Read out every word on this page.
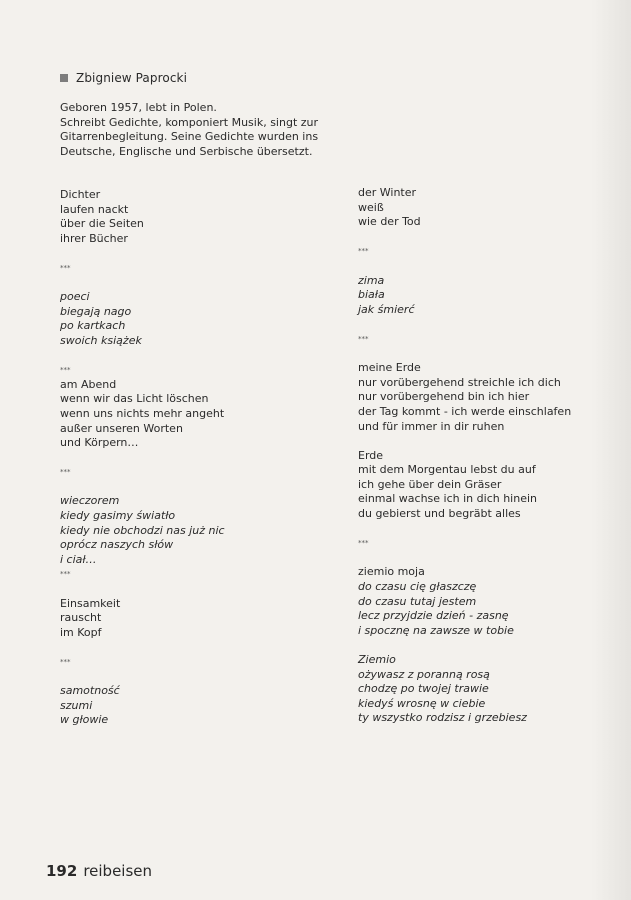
Zbigniew Paprocki
Geboren 1957, lebt in Polen.
Schreibt Gedichte, komponiert Musik, singt zur
Gitarrenbegleitung. Seine Gedichte wurden ins
Deutsche, Englische und Serbische übersetzt.
Dichter
laufen nackt
über die Seiten
ihrer Bücher
***
poeci
biegają nago
po kartkach
swoich książek
***
am Abend
wenn wir das Licht löschen
wenn uns nichts mehr angeht
außer unseren Worten
und Körpern…
***
wieczorem
kiedy gasimy światło
kiedy nie obchodzi nas już nic
oprócz naszych słów
i ciał…
***
Einsamkeit
rauscht
im Kopf
***
samotność
szumi
w głowie
der Winter
weiß
wie der Tod
***
zima
biała
jak śmierć
***
meine Erde
nur vorübergehend streichle ich dich
nur vorübergehend bin ich hier
der Tag kommt - ich werde einschlafen
und für immer in dir ruhen
Erde
mit dem Morgentau lebst du auf
ich gehe über dein Gräser
einmal wachse ich in dich hinein
du gebierst und begräbt alles
***
ziemio moja
do czasu cię głaszczę
do czasu tutaj jestem
lecz przyjdzie dzień - zasnę
i spocznę na zawsze w tobie
Ziemio
ożywasz z poranną rosą
chodzę po twojej trawie
kiedyś wrosnę w ciebie
ty wszystko rodzisz i grzebiesz
192 reibeisen
